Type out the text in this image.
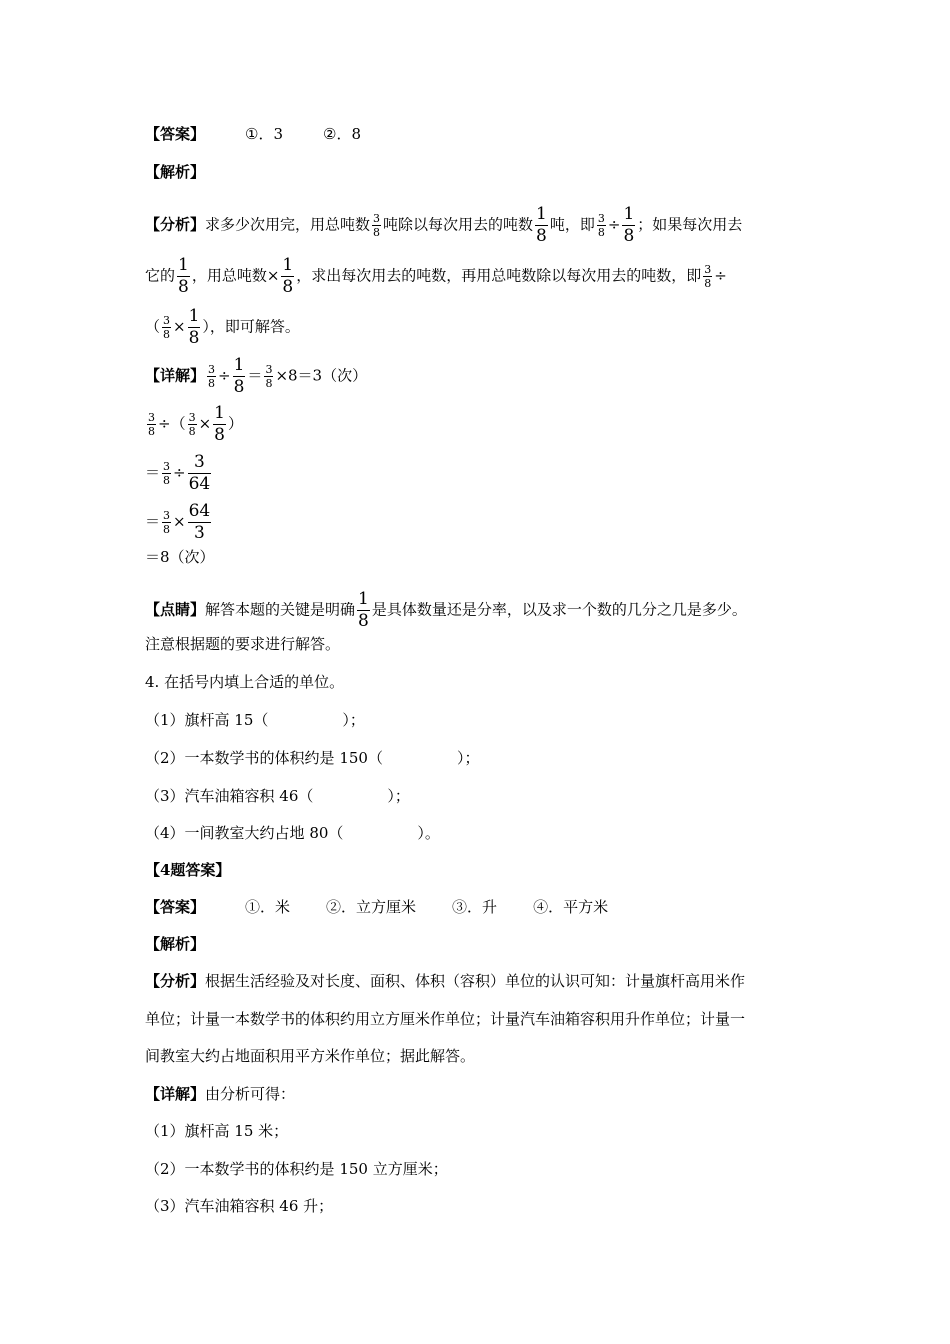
【答案】	①．3	②．8
【解析】
【分析】求多少次用完，用总吨数 $\frac{3}{8}$ 吨除以每次用去的吨数 $\frac{1}{8}$ 吨，即 $\frac{3}{8} \div \frac{1}{8}$ ；如果每次用去
它的 $\frac{1}{8}$ ，用总吨数× $\frac{1}{8}$ ，求出每次用去的吨数，再用总吨数除以每次用去的吨数，即 $\frac{3}{8}$ ÷
（ $\frac{3}{8} \times \frac{1}{8}$ ），即可解答。
【详解】 $\frac{3}{8} \div \frac{1}{8} = \frac{3}{8} \times 8=3$（次）
$\frac{3}{8}$ ÷（ $\frac{3}{8} \times \frac{1}{8}$ ）
＝ $\frac{3}{8} \div \frac{3}{64}$
＝ $\frac{3}{8} \times \frac{64}{3}$
＝8（次）
【点睛】解答本题的关键是明确 $\frac{1}{8}$ 是具体数量还是分率，以及求一个数的几分之几是多少。
注意根据题的要求进行解答。
4. 在括号内填上合适的单位。
（1）旗杆高 15（	）；
（2）一本数学书的体积约是 150（	）；
（3）汽车油箱容积 46（	）；
（4）一间教室大约占地 80（	）。
【4题答案】
【答案】	①．米 ②．立方厘米 ③．升 ④．平方米
【解析】
【分析】根据生活经验及对长度、面积、体积（容积）单位的认识可知：计量旗杆高用米作
单位；计量一本数学书的体积约用立方厘米作单位；计量汽车油箱容积用升作单位；计量一
间教室大约占地面积用平方米作单位；据此解答。
【详解】由分析可得：
（1）旗杆高 15 米；
（2）一本数学书的体积约是 150 立方厘米；
（3）汽车油箱容积 46 升；
